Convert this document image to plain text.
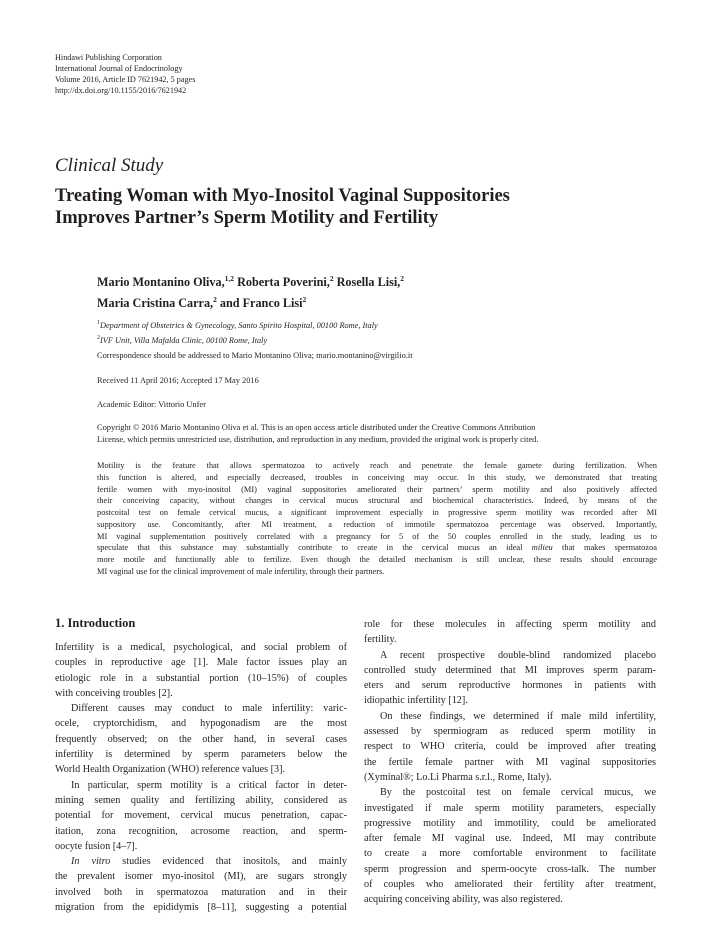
Hindawi Publishing Corporation
International Journal of Endocrinology
Volume 2016, Article ID 7621942, 5 pages
http://dx.doi.org/10.1155/2016/7621942
Clinical Study
Treating Woman with Myo-Inositol Vaginal Suppositories
Improves Partner’s Sperm Motility and Fertility
Mario Montanino Oliva,$^{1,2}$ Roberta Poverini,$^2$ Rosella Lisi,$^2$
Maria Cristina Carra,$^2$ and Franco Lisi$^2$
$^1$Department of Obstetrics & Gynecology, Santo Spirito Hospital, 00100 Rome, Italy
$^2$IVF Unit, Villa Mafalda Clinic, 00100 Rome, Italy
Correspondence should be addressed to Mario Montanino Oliva; mario.montanino@virgilio.it
Received 11 April 2016; Accepted 17 May 2016
Academic Editor: Vittorio Unfer
Copyright © 2016 Mario Montanino Oliva et al. This is an open access article distributed under the Creative Commons Attribution
License, which permits unrestricted use, distribution, and reproduction in any medium, provided the original work is properly cited.
Motility is the feature that allows spermatozoa to actively reach and penetrate the female gamete during fertilization. When
this function is altered, and especially decreased, troubles in conceiving may occur. In this study, we demonstrated that treating
fertile women with myo-inositol (MI) vaginal suppositories ameliorated their partners’ sperm motility and also positively affected
their conceiving capacity, without changes in cervical mucus structural and biochemical characteristics. Indeed, by means of the
postcoital test on female cervical mucus, a significant improvement especially in progressive sperm motility was recorded after MI
suppository use. Concomitantly, after MI treatment, a reduction of immotile spermatozoa percentage was observed. Importantly,
MI vaginal supplementation positively correlated with a pregnancy for 5 of the 50 couples enrolled in the study, leading us to
speculate that this substance may substantially contribute to create in the cervical mucus an ideal milieu that makes spermatozoa
more motile and functionally able to fertilize. Even though the detailed mechanism is still unclear, these results should encourage
MI vaginal use for the clinical improvement of male infertility, through their partners.
1. Introduction
Infertility is a medical, psychological, and social problem of
couples in reproductive age [1]. Male factor issues play an
etiologic role in a substantial portion (10–15%) of couples
with conceiving troubles [2].
Different causes may conduct to male infertility: varic-
ocele, cryptorchidism, and hypogonadism are the most
frequently observed; on the other hand, in several cases
infertility is determined by sperm parameters below the
World Health Organization (WHO) reference values [3].
In particular, sperm motility is a critical factor in deter-
mining semen quality and fertilizing ability, considered as
potential for movement, cervical mucus penetration, capac-
itation, zona recognition, acrosome reaction, and sperm-
oocyte fusion [4–7].
In vitro studies evidenced that inositols, and mainly
the prevalent isomer myo-inositol (MI), are sugars strongly
involved both in spermatozoa maturation and in their
migration from the epididymis [8–11], suggesting a potential
role for these molecules in affecting sperm motility and
fertility.
A recent prospective double-blind randomized placebo
controlled study determined that MI improves sperm param-
eters and serum reproductive hormones in patients with
idiopathic infertility [12].
On these findings, we determined if male mild infertility,
assessed by spermiogram as reduced sperm motility in
respect to WHO criteria, could be improved after treating
the fertile female partner with MI vaginal suppositories
(Xyminal®; Lo.Li Pharma s.r.l., Rome, Italy).
By the postcoital test on female cervical mucus, we
investigated if male sperm motility parameters, especially
progressive motility and immotility, could be ameliorated
after female MI vaginal use. Indeed, MI may contribute
to create a more comfortable environment to facilitate
sperm progression and sperm-oocyte cross-talk. The number
of couples who ameliorated their fertility after treatment,
acquiring conceiving ability, was also registered.
